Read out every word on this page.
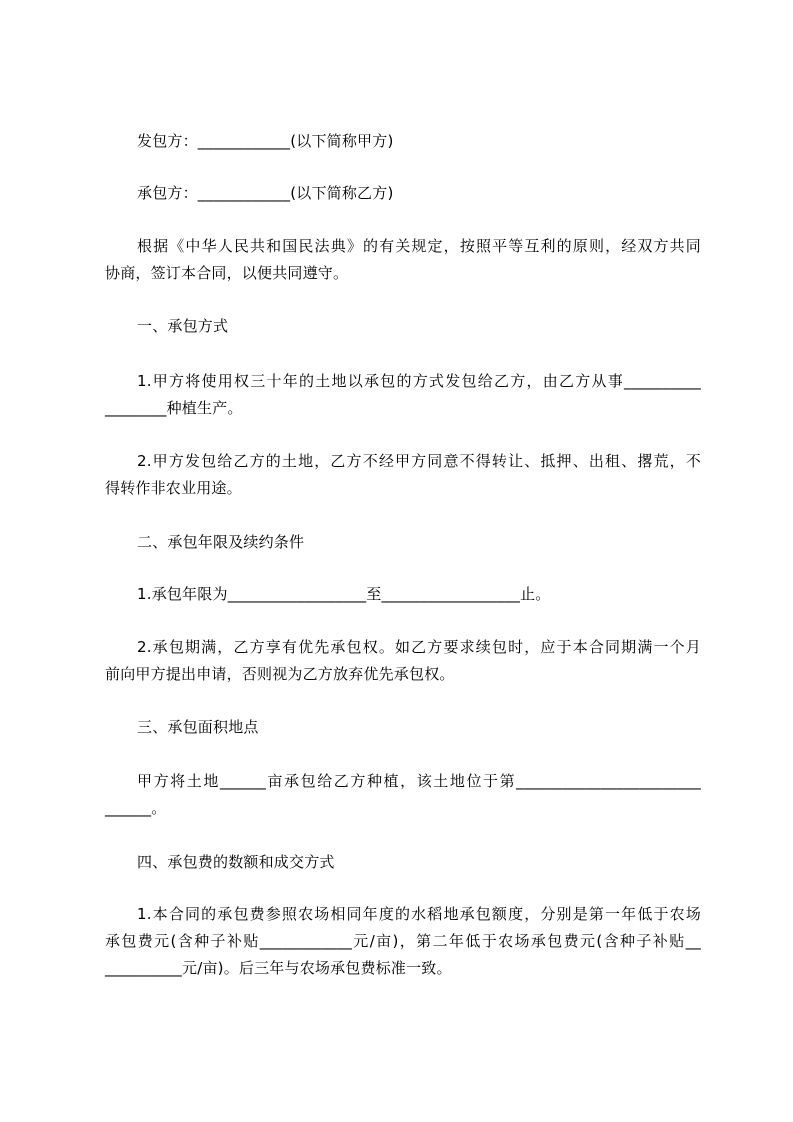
发包方：____________(以下简称甲方)
承包方：____________(以下简称乙方)
根据《中华人民共和国民法典》的有关规定，按照平等互利的原则，经双方共同
协商，签订本合同，以便共同遵守。
一、承包方式
1.甲方将使用权三十年的土地以承包的方式发包给乙方，由乙方从事__________
________种植生产。
2.甲方发包给乙方的土地，乙方不经甲方同意不得转让、抵押、出租、撂荒，不
得转作非农业用途。
二、承包年限及续约条件
1.承包年限为__________________至__________________止。
2.承包期满，乙方享有优先承包权。如乙方要求续包时，应于本合同期满一个月
前向甲方提出申请，否则视为乙方放弃优先承包权。
三、承包面积地点
甲方将土地______亩承包给乙方种植，该土地位于第________________________
______。
四、承包费的数额和成交方式
1.本合同的承包费参照农场相同年度的水稻地承包额度，分别是第一年低于农场
承包费元(含种子补贴____________元/亩)，第二年低于农场承包费元(含种子补贴__
__________元/亩)。后三年与农场承包费标准一致。
